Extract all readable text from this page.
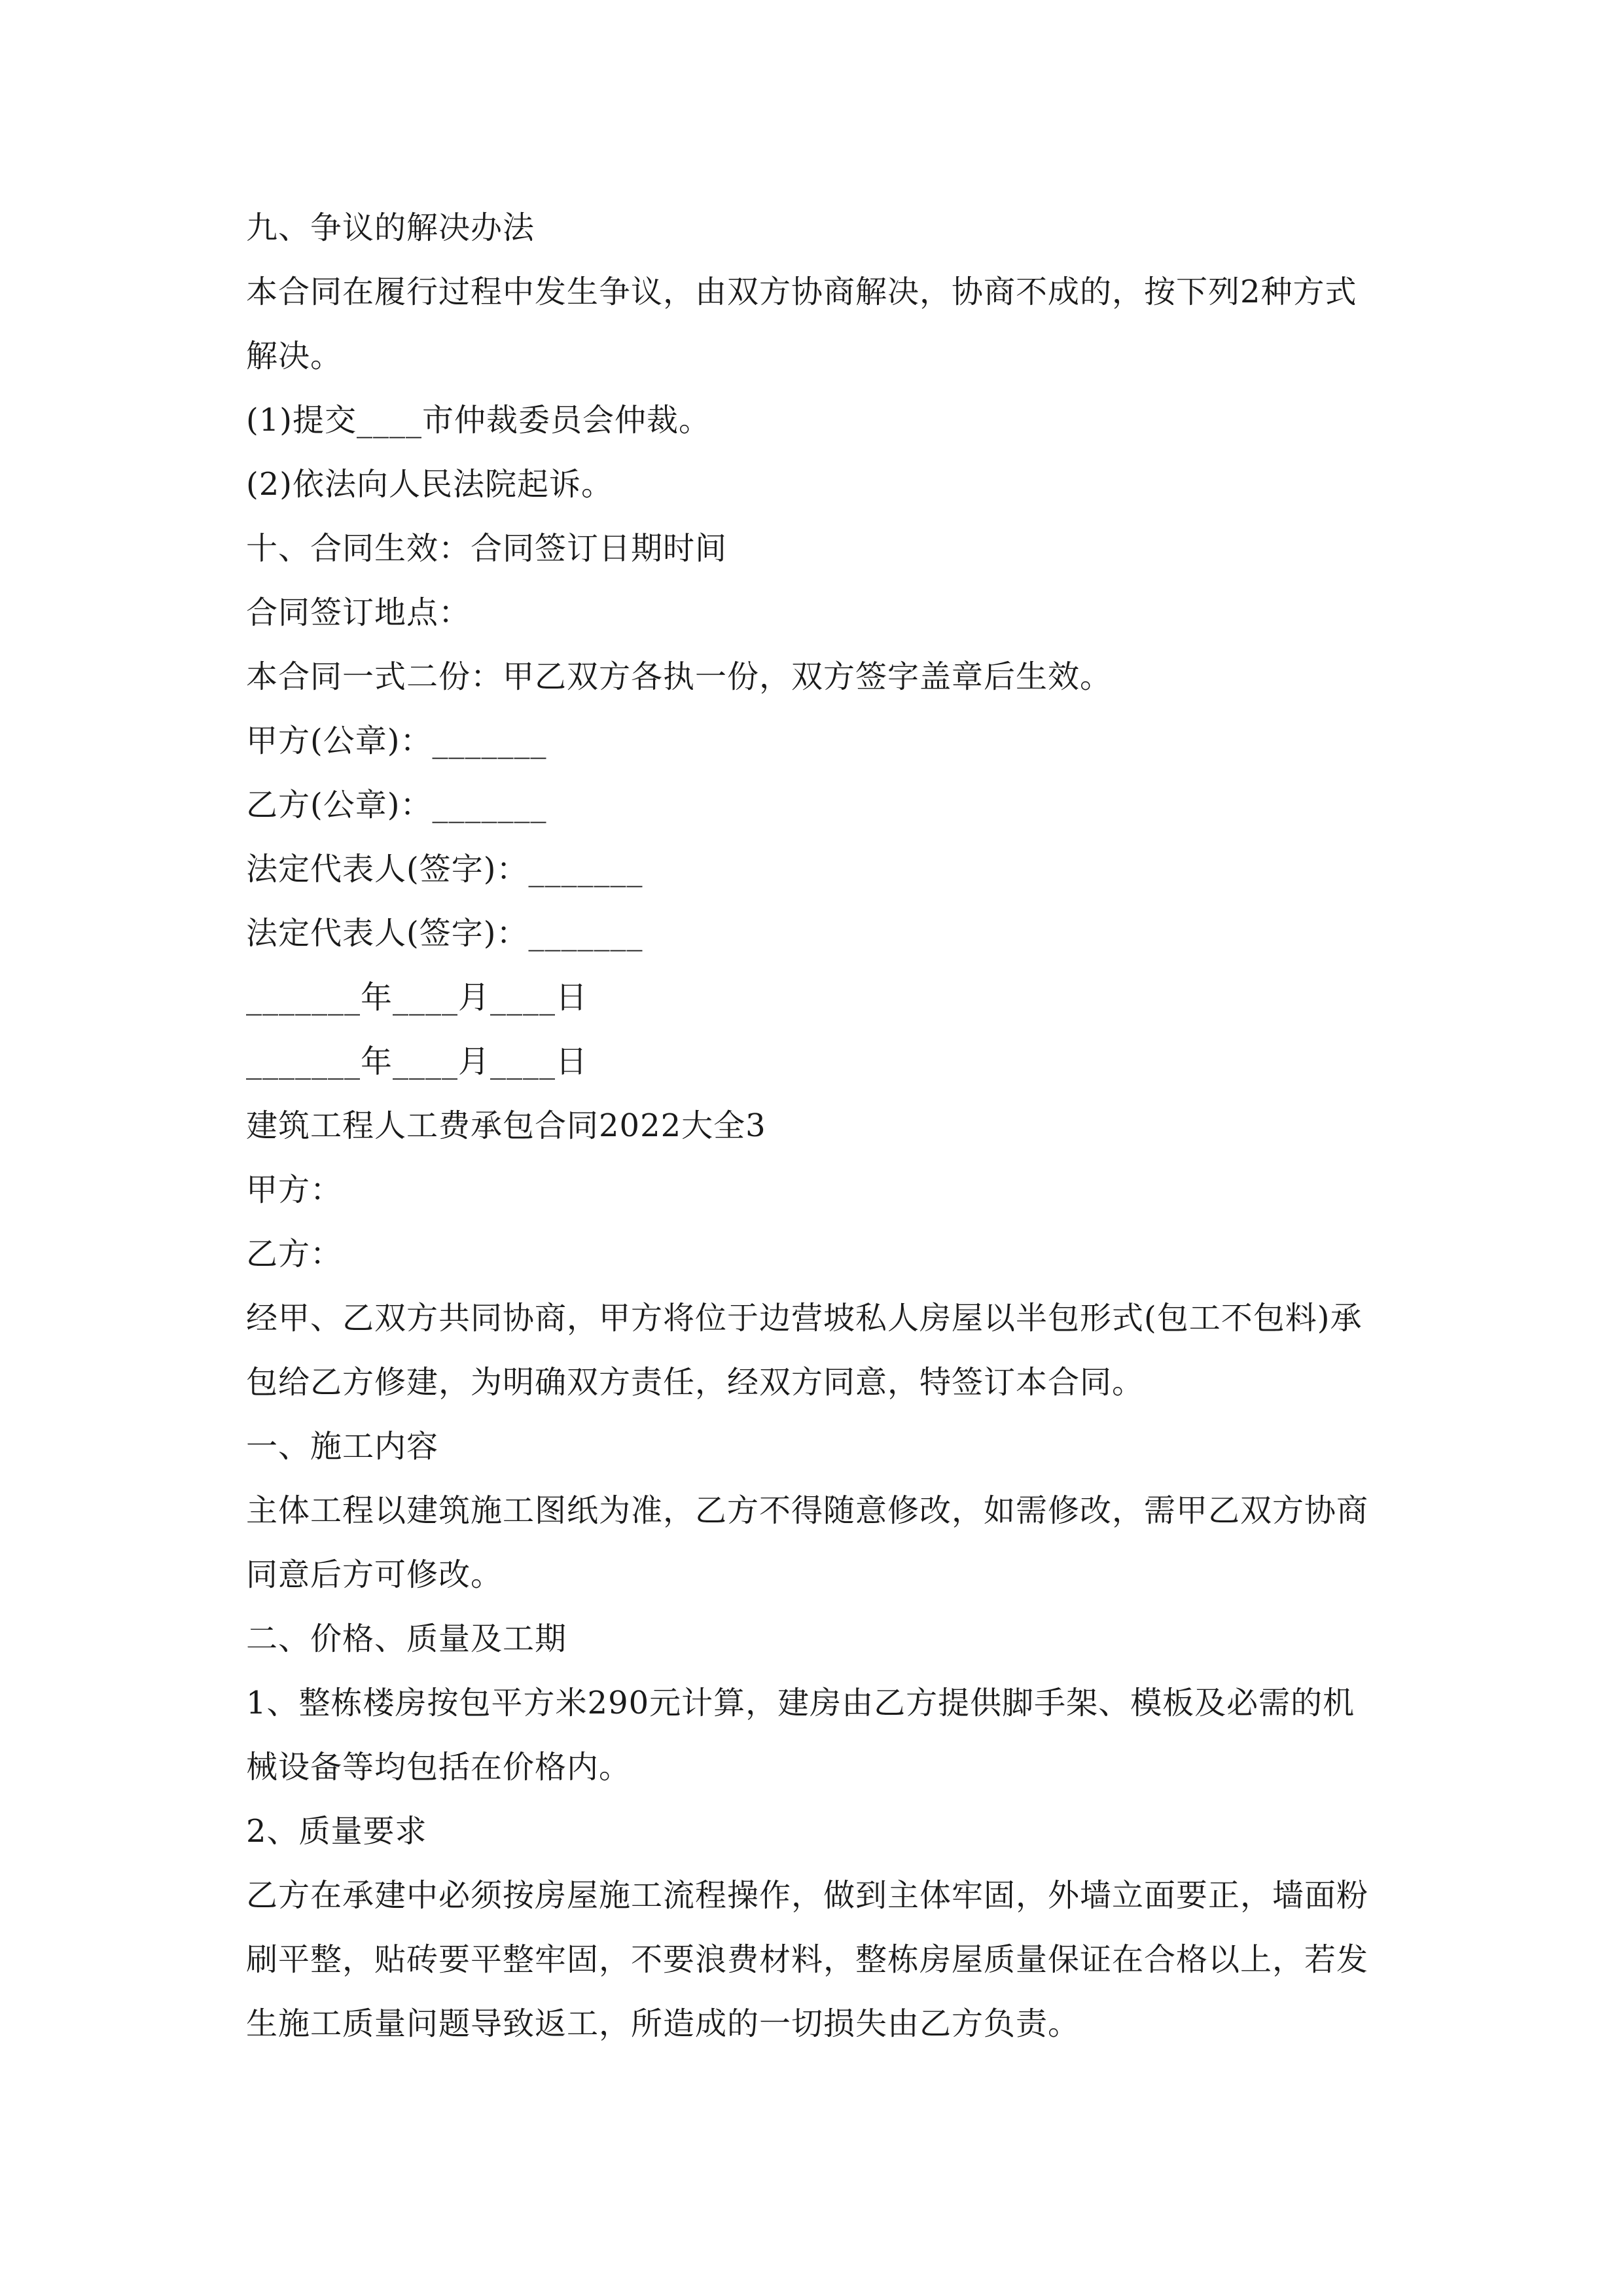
九、争议的解决办法
本合同在履行过程中发生争议，由双方协商解决，协商不成的，按下列2种方式
解决。
(1)提交____市仲裁委员会仲裁。
(2)依法向人民法院起诉。
十、合同生效：合同签订日期时间
合同签订地点：
本合同一式二份：甲乙双方各执一份，双方签字盖章后生效。
甲方(公章)：_______
乙方(公章)：_______
法定代表人(签字)：_______
法定代表人(签字)：_______
_______年____月____日
_______年____月____日
建筑工程人工费承包合同2022大全3
甲方：
乙方：
经甲、乙双方共同协商，甲方将位于边营坡私人房屋以半包形式(包工不包料)承
包给乙方修建，为明确双方责任，经双方同意，特签订本合同。
一、施工内容
主体工程以建筑施工图纸为准，乙方不得随意修改，如需修改，需甲乙双方协商
同意后方可修改。
二、价格、质量及工期
1、整栋楼房按包平方米290元计算，建房由乙方提供脚手架、模板及必需的机
械设备等均包括在价格内。
2、质量要求
乙方在承建中必须按房屋施工流程操作，做到主体牢固，外墙立面要正，墙面粉
刷平整，贴砖要平整牢固，不要浪费材料，整栋房屋质量保证在合格以上，若发
生施工质量问题导致返工，所造成的一切损失由乙方负责。
